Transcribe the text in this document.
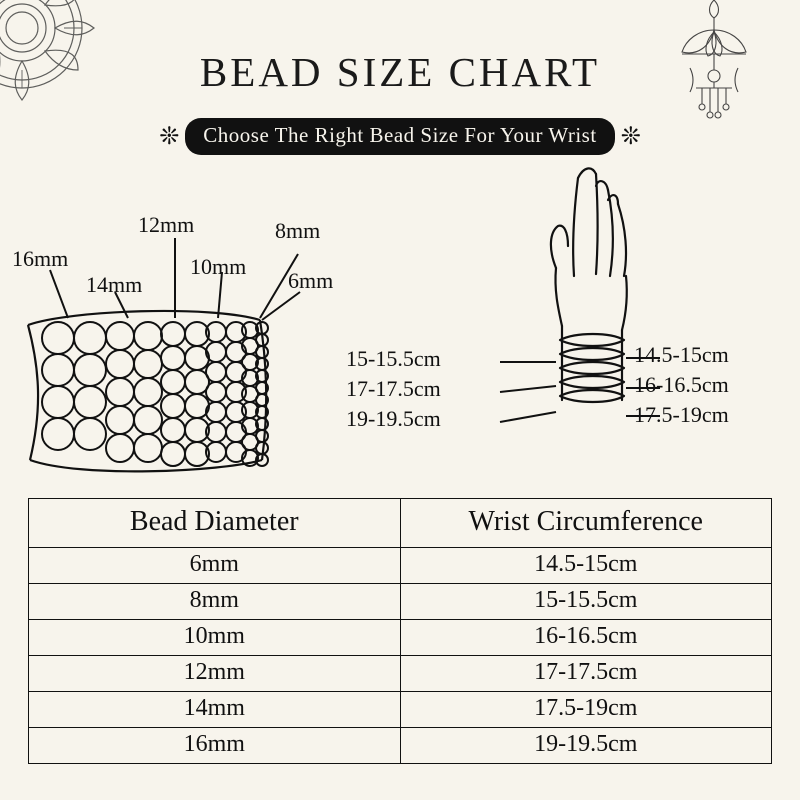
BEAD SIZE CHART
❊	Choose The Right Bead Size For Your Wrist	❊
16mm
14mm
12mm
10mm
8mm
6mm
15-15.5cm
17-17.5cm
19-19.5cm
14.5-15cm
16-16.5cm
17.5-19cm
Bead Diameter	Wrist Circumference
6mm	14.5-15cm
8mm	15-15.5cm
10mm	16-16.5cm
12mm	17-17.5cm
14mm	17.5-19cm
16mm	19-19.5cm
